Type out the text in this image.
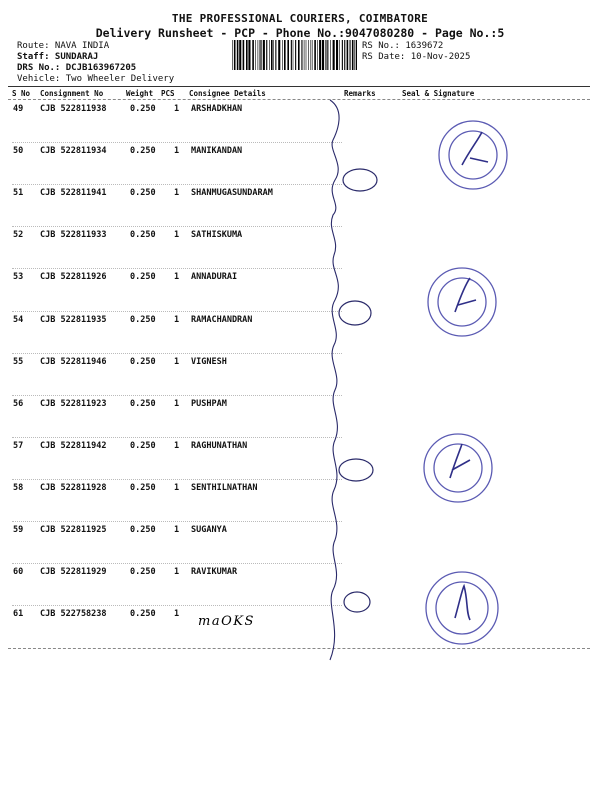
THE PROFESSIONAL COURIERS, COIMBATORE
Delivery Runsheet - PCP - Phone No.:9047080280 - Page No.:5
Route: NAVA INDIA
Staff: SUNDARAJ
DRS No.: DCJB163967205
Vehicle: Two Wheeler Delivery
RS No.: 1639672
RS Date: 10-Nov-2025
S No Consignment No	Weight PCS Consignee Details	Remarks	Seal & Signature
49 CJB 522811938	0.250 1 ARSHADKHAN
50 CJB 522811934	0.250 1 MANIKANDAN
51 CJB 522811941	0.250 1 SHANMUGASUNDARAM
52 CJB 522811933	0.250 1 SATHISKUMA
53 CJB 522811926	0.250 1 ANNADURAI
54 CJB 522811935	0.250 1 RAMACHANDRAN
55 CJB 522811946	0.250 1 VIGNESH
56 CJB 522811923	0.250 1 PUSHPAM
57 CJB 522811942	0.250 1 RAGHUNATHAN
58 CJB 522811928	0.250 1 SENTHILNATHAN
59 CJB 522811925	0.250 1 SUGANYA
60 CJB 522811929	0.250 1 RAVIKUMAR
61 CJB 522758238	0.250 1 maOKS
